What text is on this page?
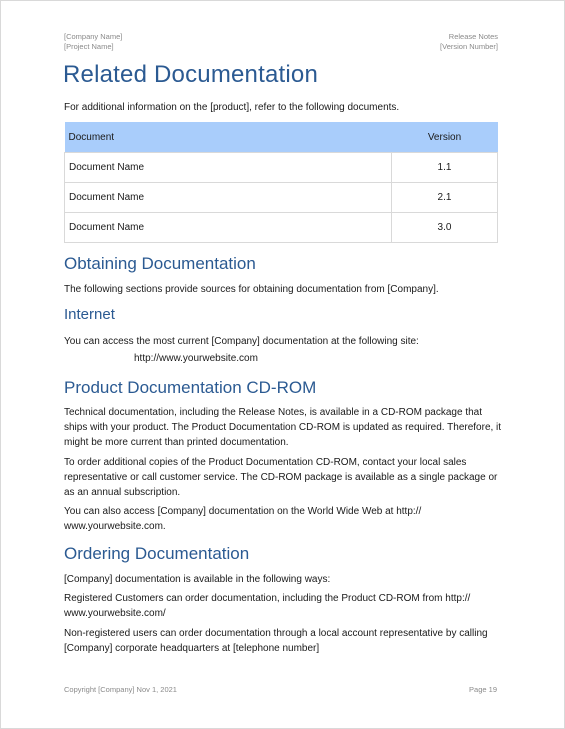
[Company Name]
[Project Name]
Release Notes
[Version Number]
Related Documentation
For additional information on the [product], refer to the following documents.
Document	Version
Document Name	1.1
Document Name	2.1
Document Name	3.0
Obtaining Documentation
The following sections provide sources for obtaining documentation from [Company].
Internet
You can access the most current [Company] documentation at the following site:
http://www.yourwebsite.com
Product Documentation CD-ROM
Technical documentation, including the Release Notes, is available in a CD-ROM package that ships with your product. The Product Documentation CD-ROM is updated as required. Therefore, it might be more current than printed documentation.
To order additional copies of the Product Documentation CD-ROM, contact your local sales representative or call customer service. The CD-ROM package is available as a single package or as an annual subscription.
You can also access [Company] documentation on the World Wide Web at http:// www.yourwebsite.com.
Ordering Documentation
[Company] documentation is available in the following ways:
Registered Customers can order documentation, including the Product CD-ROM from http:// www.yourwebsite.com/
Non-registered users can order documentation through a local account representative by calling [Company] corporate headquarters at [telephone number]
Copyright [Company] Nov 1, 2021	Page 19
